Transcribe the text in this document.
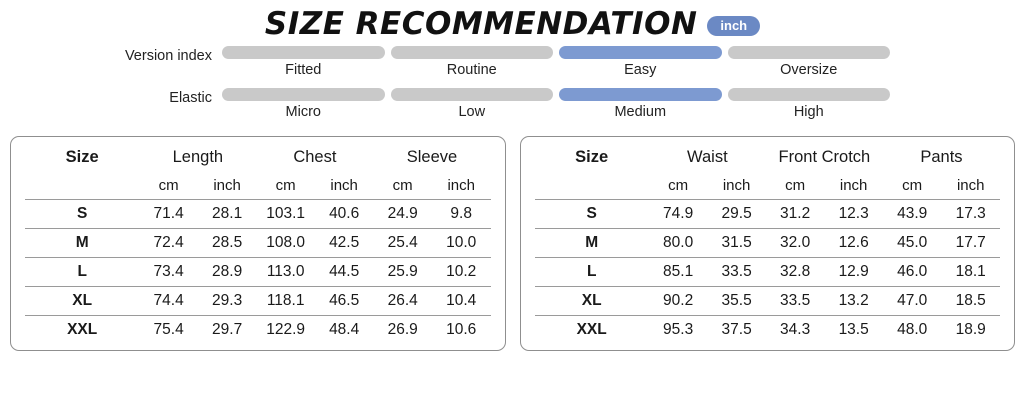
SIZE RECOMMENDATION	inch
Version index
Fitted	Routine	Easy	Oversize
Elastic
Micro	Low	Medium	High
Size	Length		Chest		Sleeve	
	cm	inch	cm	inch	cm	inch
S	71.4	28.1	103.1	40.6	24.9	9.8
M	72.4	28.5	108.0	42.5	25.4	10.0
L	73.4	28.9	113.0	44.5	25.9	10.2
XL	74.4	29.3	118.1	46.5	26.4	10.4
XXL	75.4	29.7	122.9	48.4	26.9	10.6
Size	Waist		Front Crotch		Pants	
	cm	inch	cm	inch	cm	inch
S	74.9	29.5	31.2	12.3	43.9	17.3
M	80.0	31.5	32.0	12.6	45.0	17.7
L	85.1	33.5	32.8	12.9	46.0	18.1
XL	90.2	35.5	33.5	13.2	47.0	18.5
XXL	95.3	37.5	34.3	13.5	48.0	18.9
